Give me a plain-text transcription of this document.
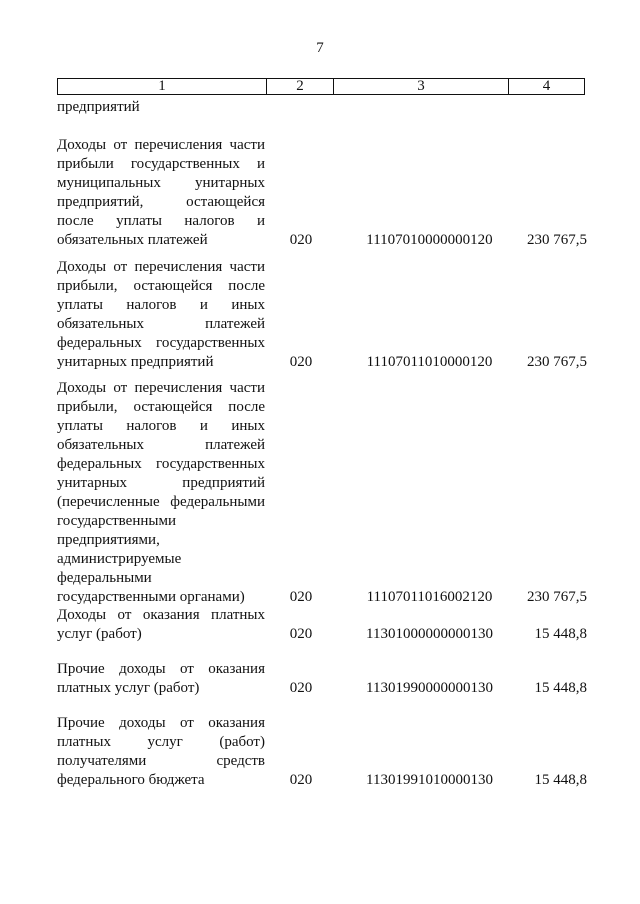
7
1	2	3	4
предприятий
Доходы от перечисления части прибыли государственных и муниципальных унитарных предприятий, остающейся после уплаты налогов и обязательных платежей	020	11107010000000120	230 767,5
Доходы от перечисления части прибыли, остающейся после уплаты налогов и иных обязательных платежей федеральных государственных унитарных предприятий	020	11107011010000120	230 767,5
Доходы от перечисления части прибыли, остающейся после уплаты налогов и иных обязательных платежей федеральных государственных унитарных предприятий (перечисленные федеральными государственными предприятиями, администрируемые федеральными государственными органами)	020	11107011016002120	230 767,5
Доходы от оказания платных услуг (работ)	020	11301000000000130	15 448,8
Прочие доходы от оказания платных услуг (работ)	020	11301990000000130	15 448,8
Прочие доходы от оказания платных услуг (работ) получателями средств федерального бюджета	020	11301991010000130	15 448,8
